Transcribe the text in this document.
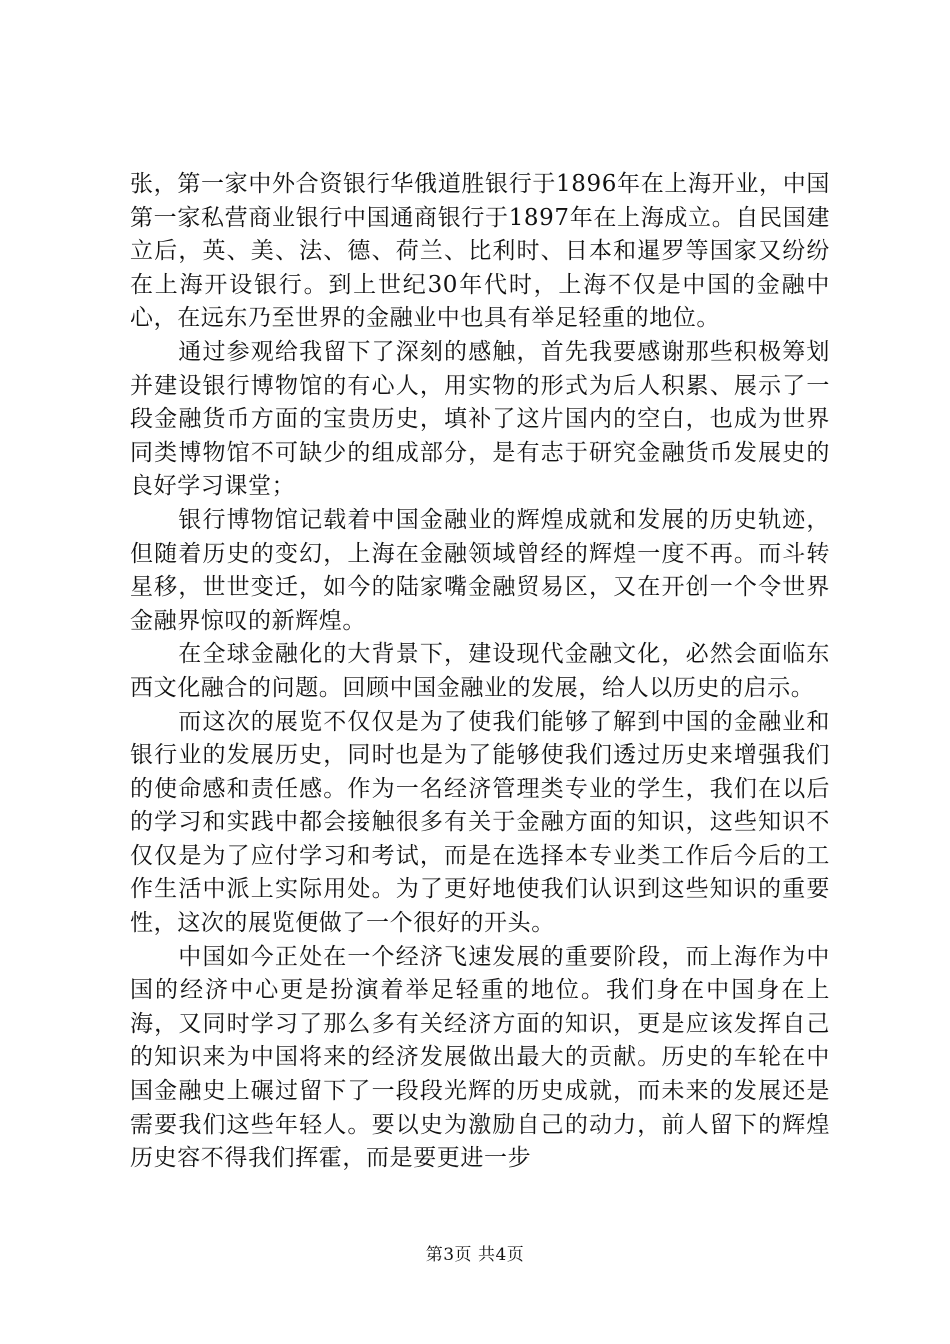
张，第一家中外合资银行华俄道胜银行于1896年在上海开业，中国第一家私营商业银行中国通商银行于1897年在上海成立。自民国建立后，英、美、法、德、荷兰、比利时、日本和暹罗等国家又纷纷在上海开设银行。到上世纪30年代时，上海不仅是中国的金融中心，在远东乃至世界的金融业中也具有举足轻重的地位。

通过参观给我留下了深刻的感触，首先我要感谢那些积极筹划并建设银行博物馆的有心人，用实物的形式为后人积累、展示了一段金融货币方面的宝贵历史，填补了这片国内的空白，也成为世界同类博物馆不可缺少的组成部分，是有志于研究金融货币发展史的良好学习课堂；

银行博物馆记载着中国金融业的辉煌成就和发展的历史轨迹，但随着历史的变幻，上海在金融领域曾经的辉煌一度不再。而斗转星移，世世变迁，如今的陆家嘴金融贸易区，又在开创一个令世界金融界惊叹的新辉煌。

在全球金融化的大背景下，建设现代金融文化，必然会面临东西文化融合的问题。回顾中国金融业的发展，给人以历史的启示。

而这次的展览不仅仅是为了使我们能够了解到中国的金融业和银行业的发展历史，同时也是为了能够使我们透过历史来增强我们的使命感和责任感。作为一名经济管理类专业的学生，我们在以后的学习和实践中都会接触很多有关于金融方面的知识，这些知识不仅仅是为了应付学习和考试，而是在选择本专业类工作后今后的工作生活中派上实际用处。为了更好地使我们认识到这些知识的重要性，这次的展览便做了一个很好的开头。

中国如今正处在一个经济飞速发展的重要阶段，而上海作为中国的经济中心更是扮演着举足轻重的地位。我们身在中国身在上海，又同时学习了那么多有关经济方面的知识，更是应该发挥自己的知识来为中国将来的经济发展做出最大的贡献。历史的车轮在中国金融史上碾过留下了一段段光辉的历史成就，而未来的发展还是需要我们这些年轻人。要以史为激励自己的动力，前人留下的辉煌历史容不得我们挥霍，而是要更进一步

第3页 共4页
